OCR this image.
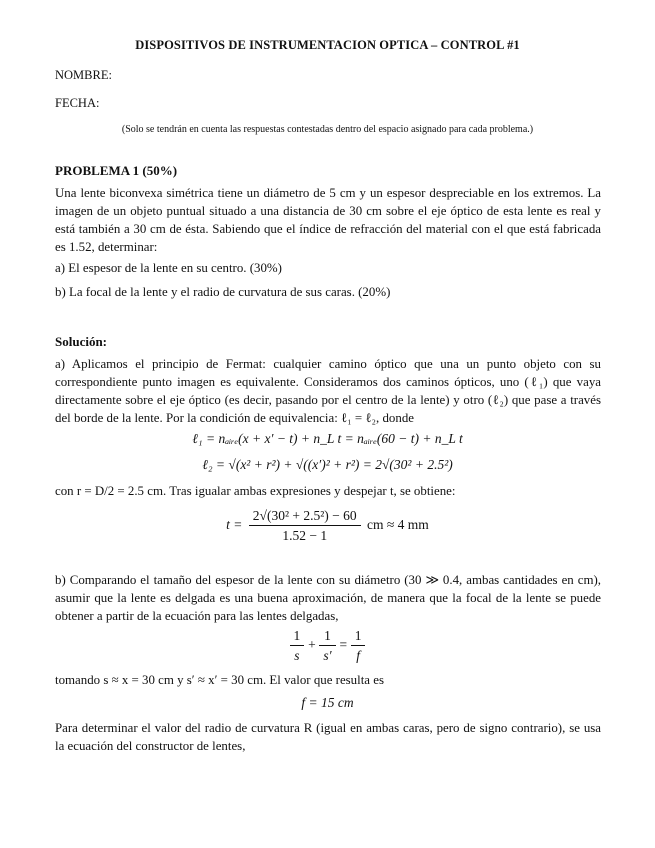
DISPOSITIVOS DE INSTRUMENTACION OPTICA – CONTROL #1
NOMBRE:
FECHA:
(Solo se tendrán en cuenta las respuestas contestadas dentro del espacio asignado para cada problema.)
PROBLEMA 1 (50%)
Una lente biconvexa simétrica tiene un diámetro de 5 cm y un espesor despreciable en los extremos. La imagen de un objeto puntual situado a una distancia de 30 cm sobre el eje óptico de esta lente es real y está también a 30 cm de ésta. Sabiendo que el índice de refracción del material con el que está fabricada es 1.52, determinar:
a) El espesor de la lente en su centro. (30%)
b) La focal de la lente y el radio de curvatura de sus caras. (20%)
Solución:
a) Aplicamos el principio de Fermat: cualquier camino óptico que una un punto objeto con su correspondiente punto imagen es equivalente. Consideramos dos caminos ópticos, uno (ℓ₁) que vaya directamente sobre el eje óptico (es decir, pasando por el centro de la lente) y otro (ℓ₂) que pase a través del borde de la lente. Por la condición de equivalencia: ℓ₁ = ℓ₂, donde
ℓ₁ = nₐᵢᵣₑ(x + x′ − t) + n_L t = nₐᵢᵣₑ(60 − t) + n_L t
ℓ₂ = √(x² + r²) + √((x′)² + r²) = 2√(30² + 2.5²)
con r = D/2 = 2.5 cm. Tras igualar ambas expresiones y despejar t, se obtiene:
$t = \frac{\text{2√(30² + 2.5²) − 60}}{1.52 - 1}$ cm ≈ 4 mm
b) Comparando el tamaño del espesor de la lente con su diámetro (30 ≫ 0.4, ambas cantidades en cm), asumir que la lente es delgada es una buena aproximación, de manera que la focal de la lente se puede obtener a partir de la ecuación para las lentes delgadas,
$\frac{1}{s} + \frac{1}{s'} = \frac{1}{f}$
tomando s ≈ x = 30 cm y s′ ≈ x′ = 30 cm. El valor que resulta es
f = 15 cm
Para determinar el valor del radio de curvatura R (igual en ambas caras, pero de signo contrario), se usa la ecuación del constructor de lentes,
